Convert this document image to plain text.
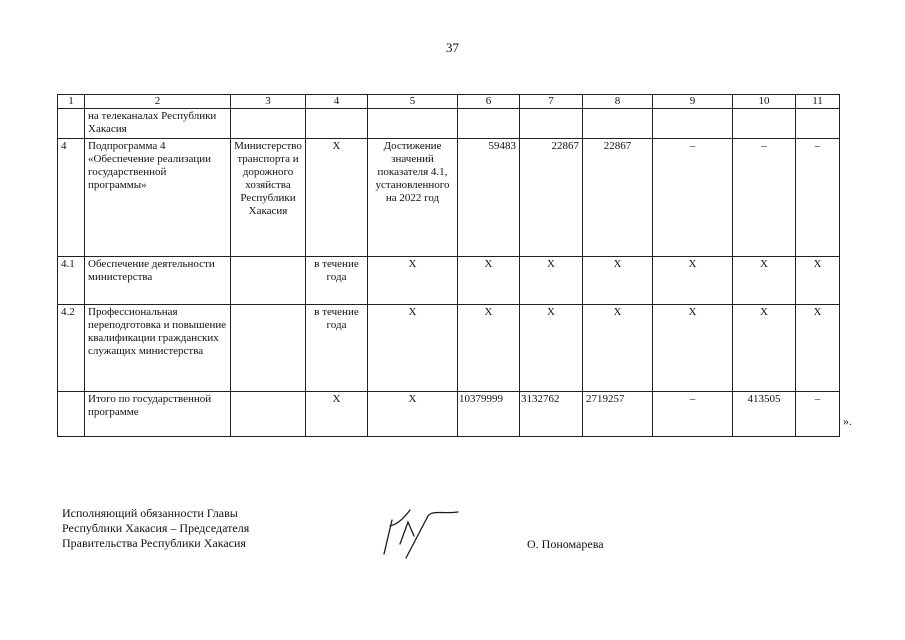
37
1	2	3	4	5	6	7	8	9	10	11
	на телеканалах Республики Хакасия									
4	Подпрограмма 4 «Обеспечение реализации государственной программы»	Министерство транспорта и дорожного хозяйства Республики Хакасия	Х	Достижение значений показателя 4.1, установленного на 2022 год	59483	22867	22867	–	–	–
4.1	Обеспечение деятельности министерства		в течение года	Х	Х	Х	Х	Х	Х	Х
4.2	Профессиональная переподготовка и повышение квалификации гражданских служащих министерства		в течение года	Х	Х	Х	Х	Х	Х	Х
	Итого по государственной программе		Х	Х	10379999	3132762	2719257	–	413505	–
».
Исполняющий обязанности Главы
Республики Хакасия – Председателя
Правительства Республики Хакасия	О. Пономарева
